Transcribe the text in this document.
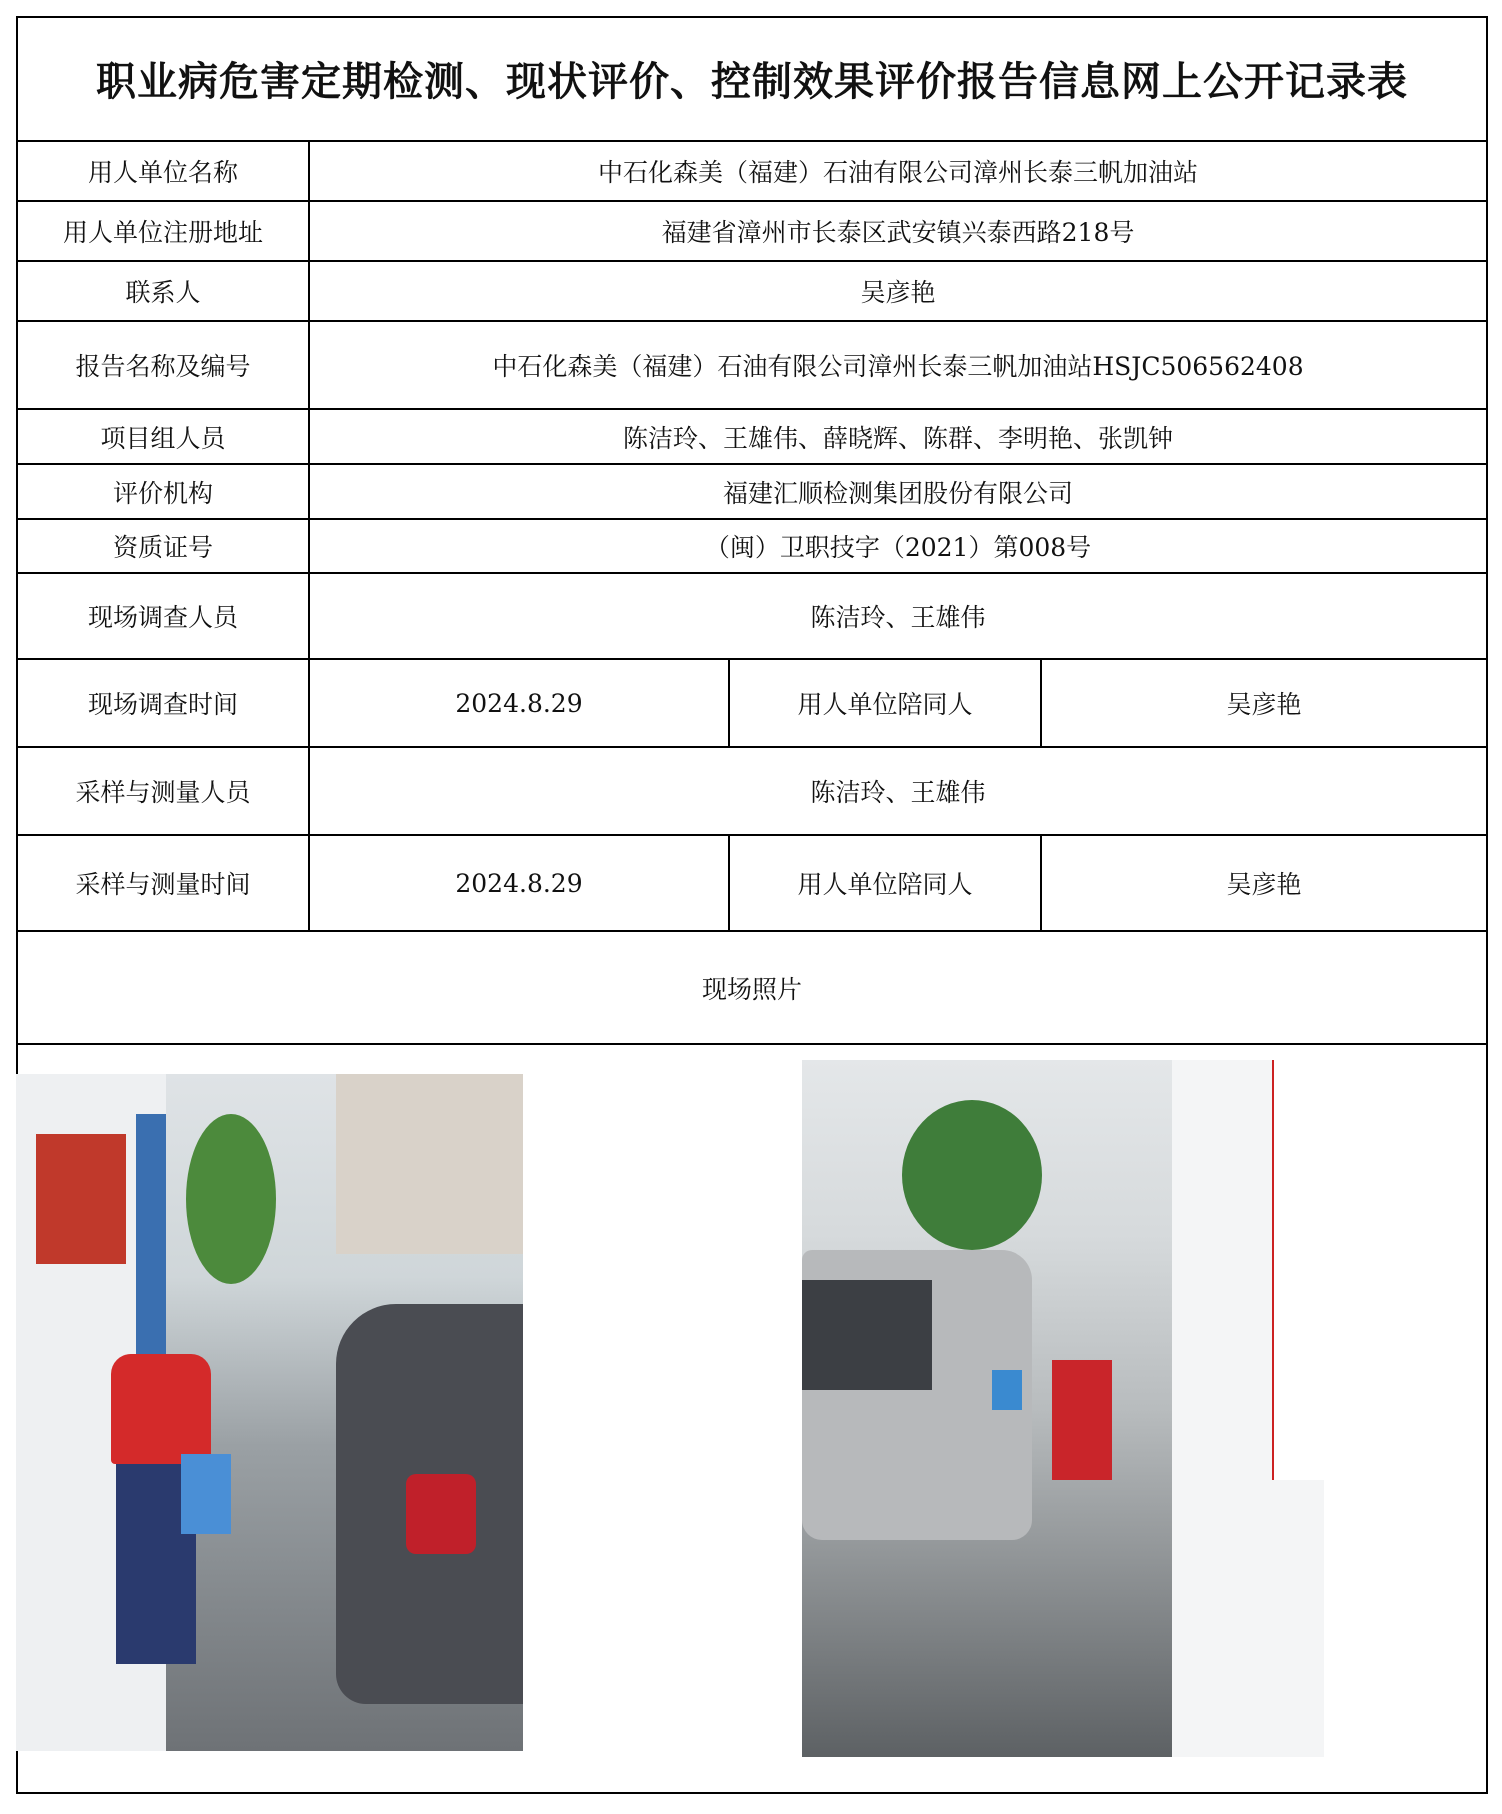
职业病危害定期检测、现状评价、控制效果评价报告信息网上公开记录表
用人单位名称	中石化森美（福建）石油有限公司漳州长泰三帆加油站		
用人单位注册地址	福建省漳州市长泰区武安镇兴泰西路218号		
联系人	吴彦艳		
报告名称及编号	中石化森美（福建）石油有限公司漳州长泰三帆加油站HSJC506562408		
项目组人员	陈洁玲、王雄伟、薛晓辉、陈群、李明艳、张凯钟		
评价机构	福建汇顺检测集团股份有限公司		
资质证号	（闽）卫职技字（2021）第008号		
现场调查人员	陈洁玲、王雄伟		
现场调查时间	2024.8.29	用人单位陪同人	吴彦艳
采样与测量人员	陈洁玲、王雄伟		
采样与测量时间	2024.8.29	用人单位陪同人	吴彦艳
现场照片			
